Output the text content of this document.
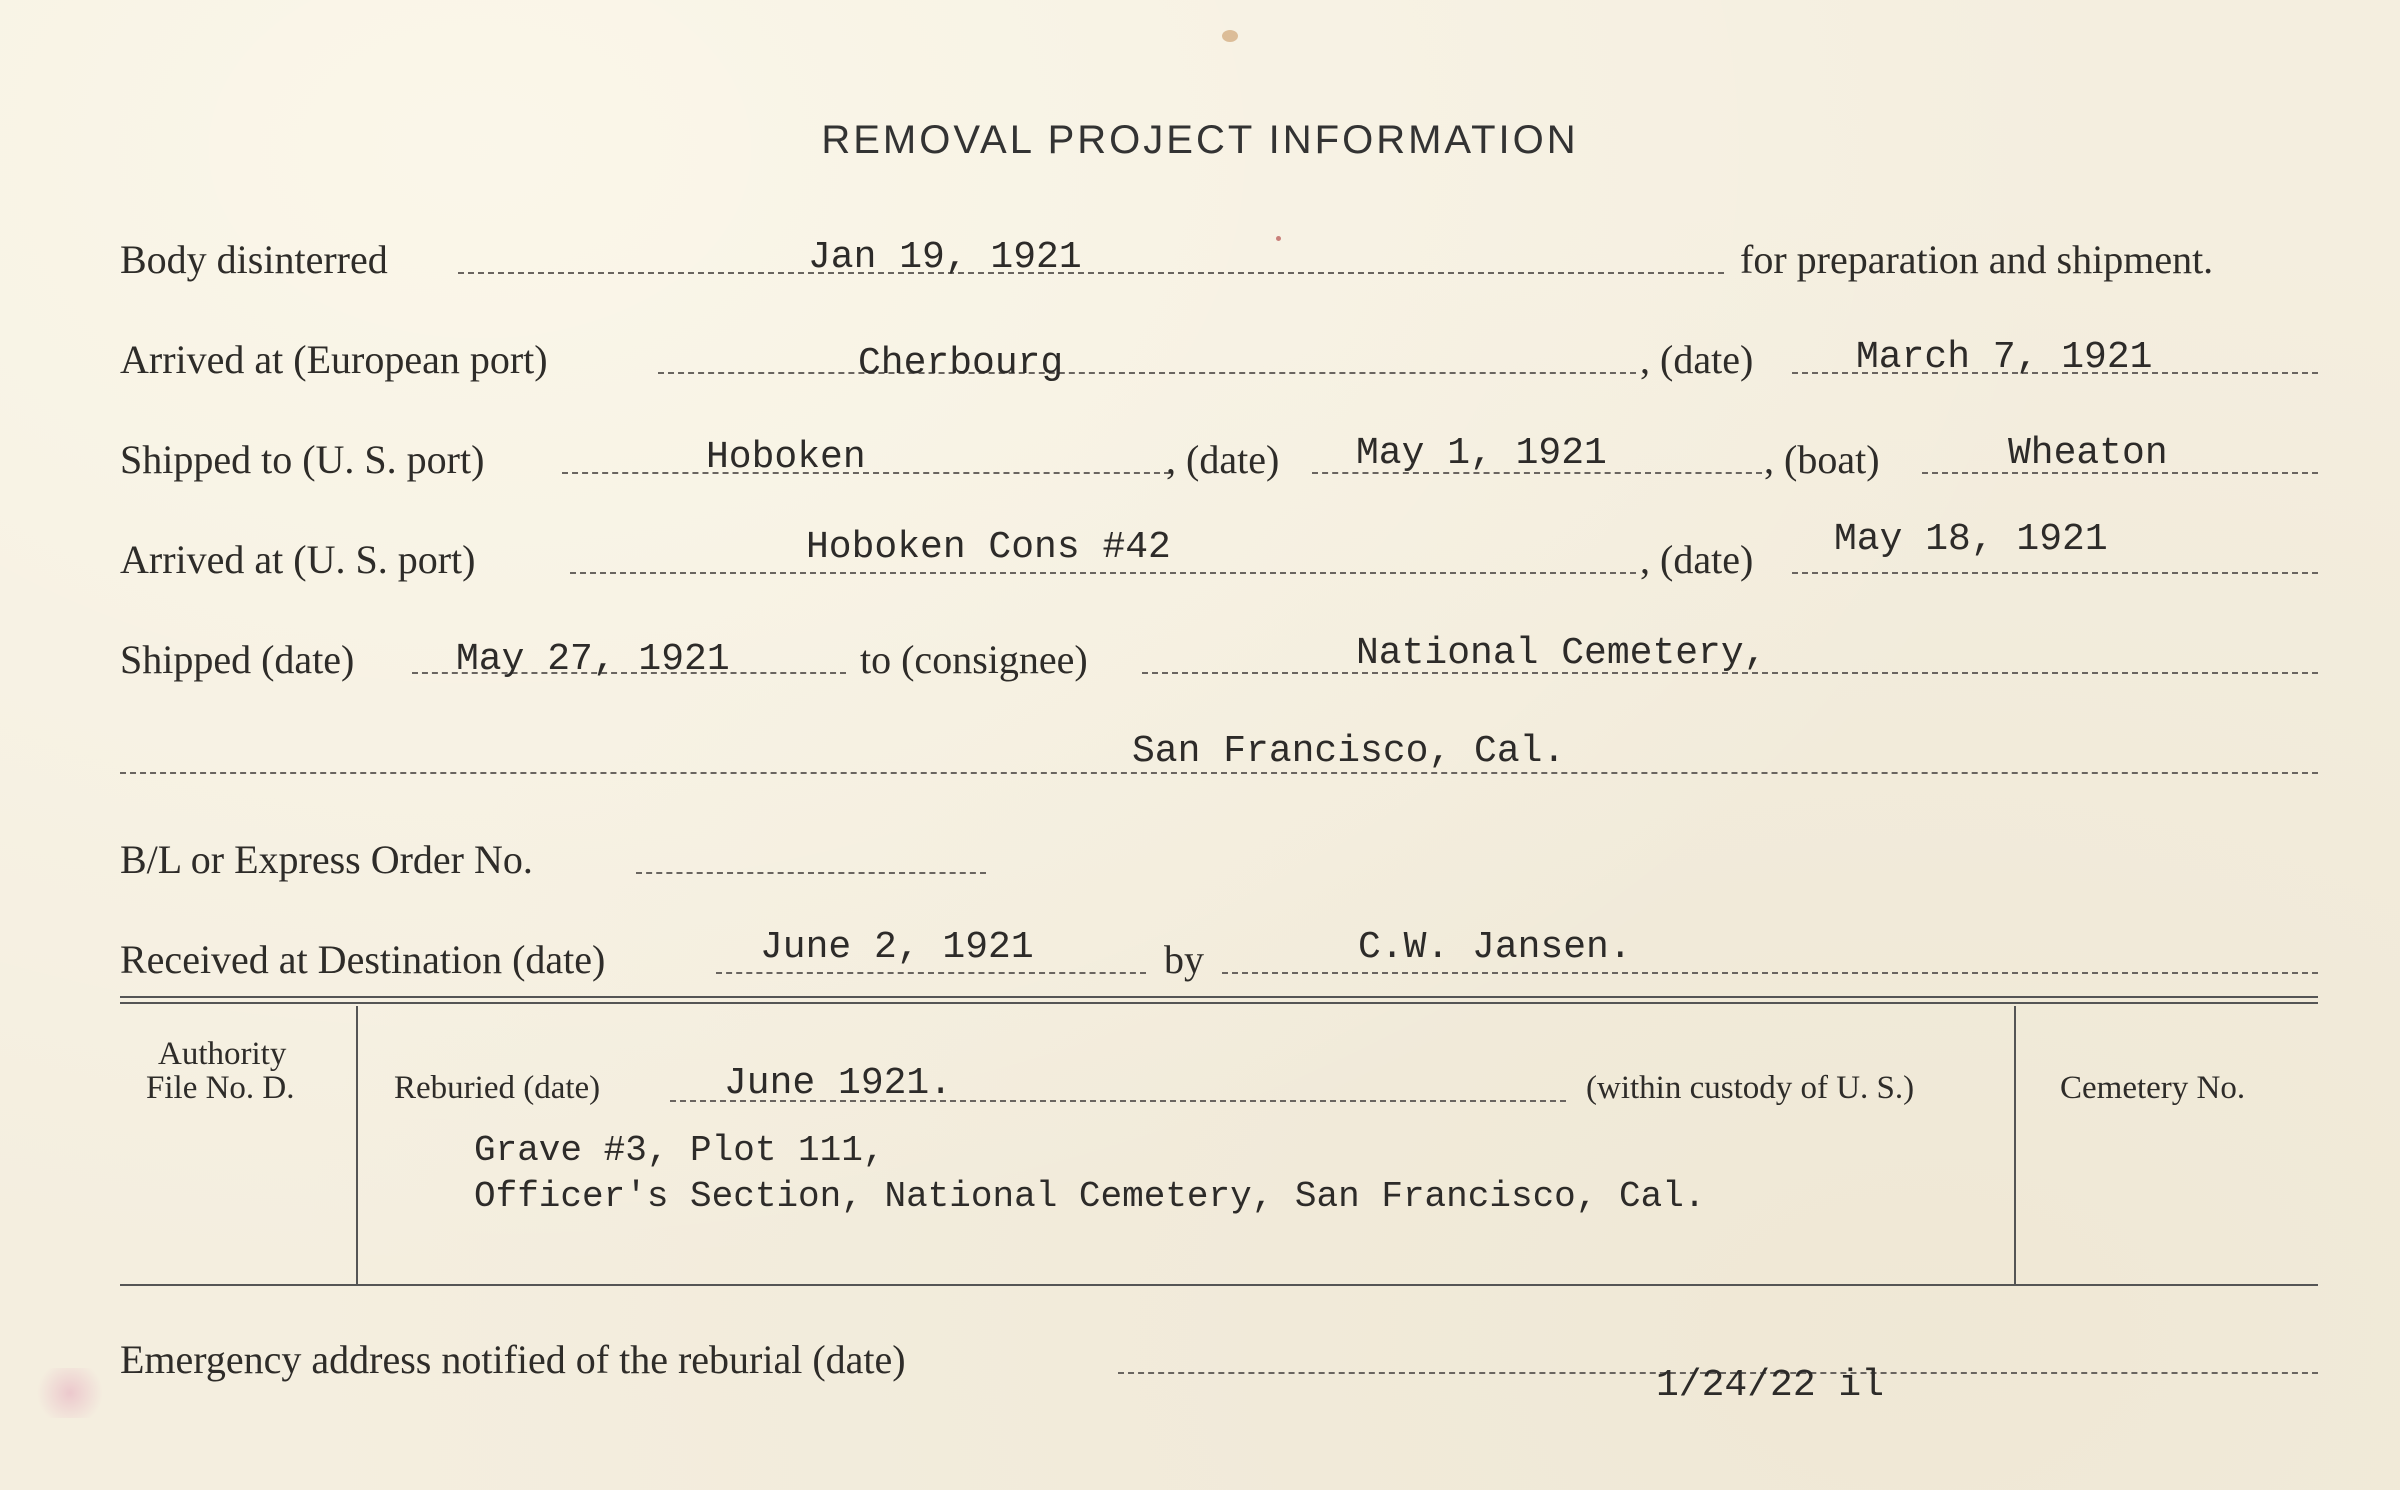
REMOVAL PROJECT INFORMATION
Body disinterred	Jan 19, 1921	for preparation and shipment.
Arrived at (European port)	Cherbourg	, (date)	March 7, 1921
Shipped to (U. S. port)	Hoboken	, (date) May 1, 1921	, (boat)	Wheaton
Arrived at (U. S. port)	Hoboken Cons #42	, (date) May 18, 1921
Shipped (date)	May 27, 1921	to (consignee)	National Cemetery,
San Francisco, Cal.
B/L or Express Order No.
Received at Destination (date)	June 2, 1921	by	C.W. Jansen.
Authority
File No. D.	Reburied (date)	June 1921.	(within custody of U. S.)	Cemetery No.
Grave #3, Plot 111,
Officer's Section, National Cemetery, San Francisco, Cal.
Emergency address notified of the reburial (date)
1/24/22 il
